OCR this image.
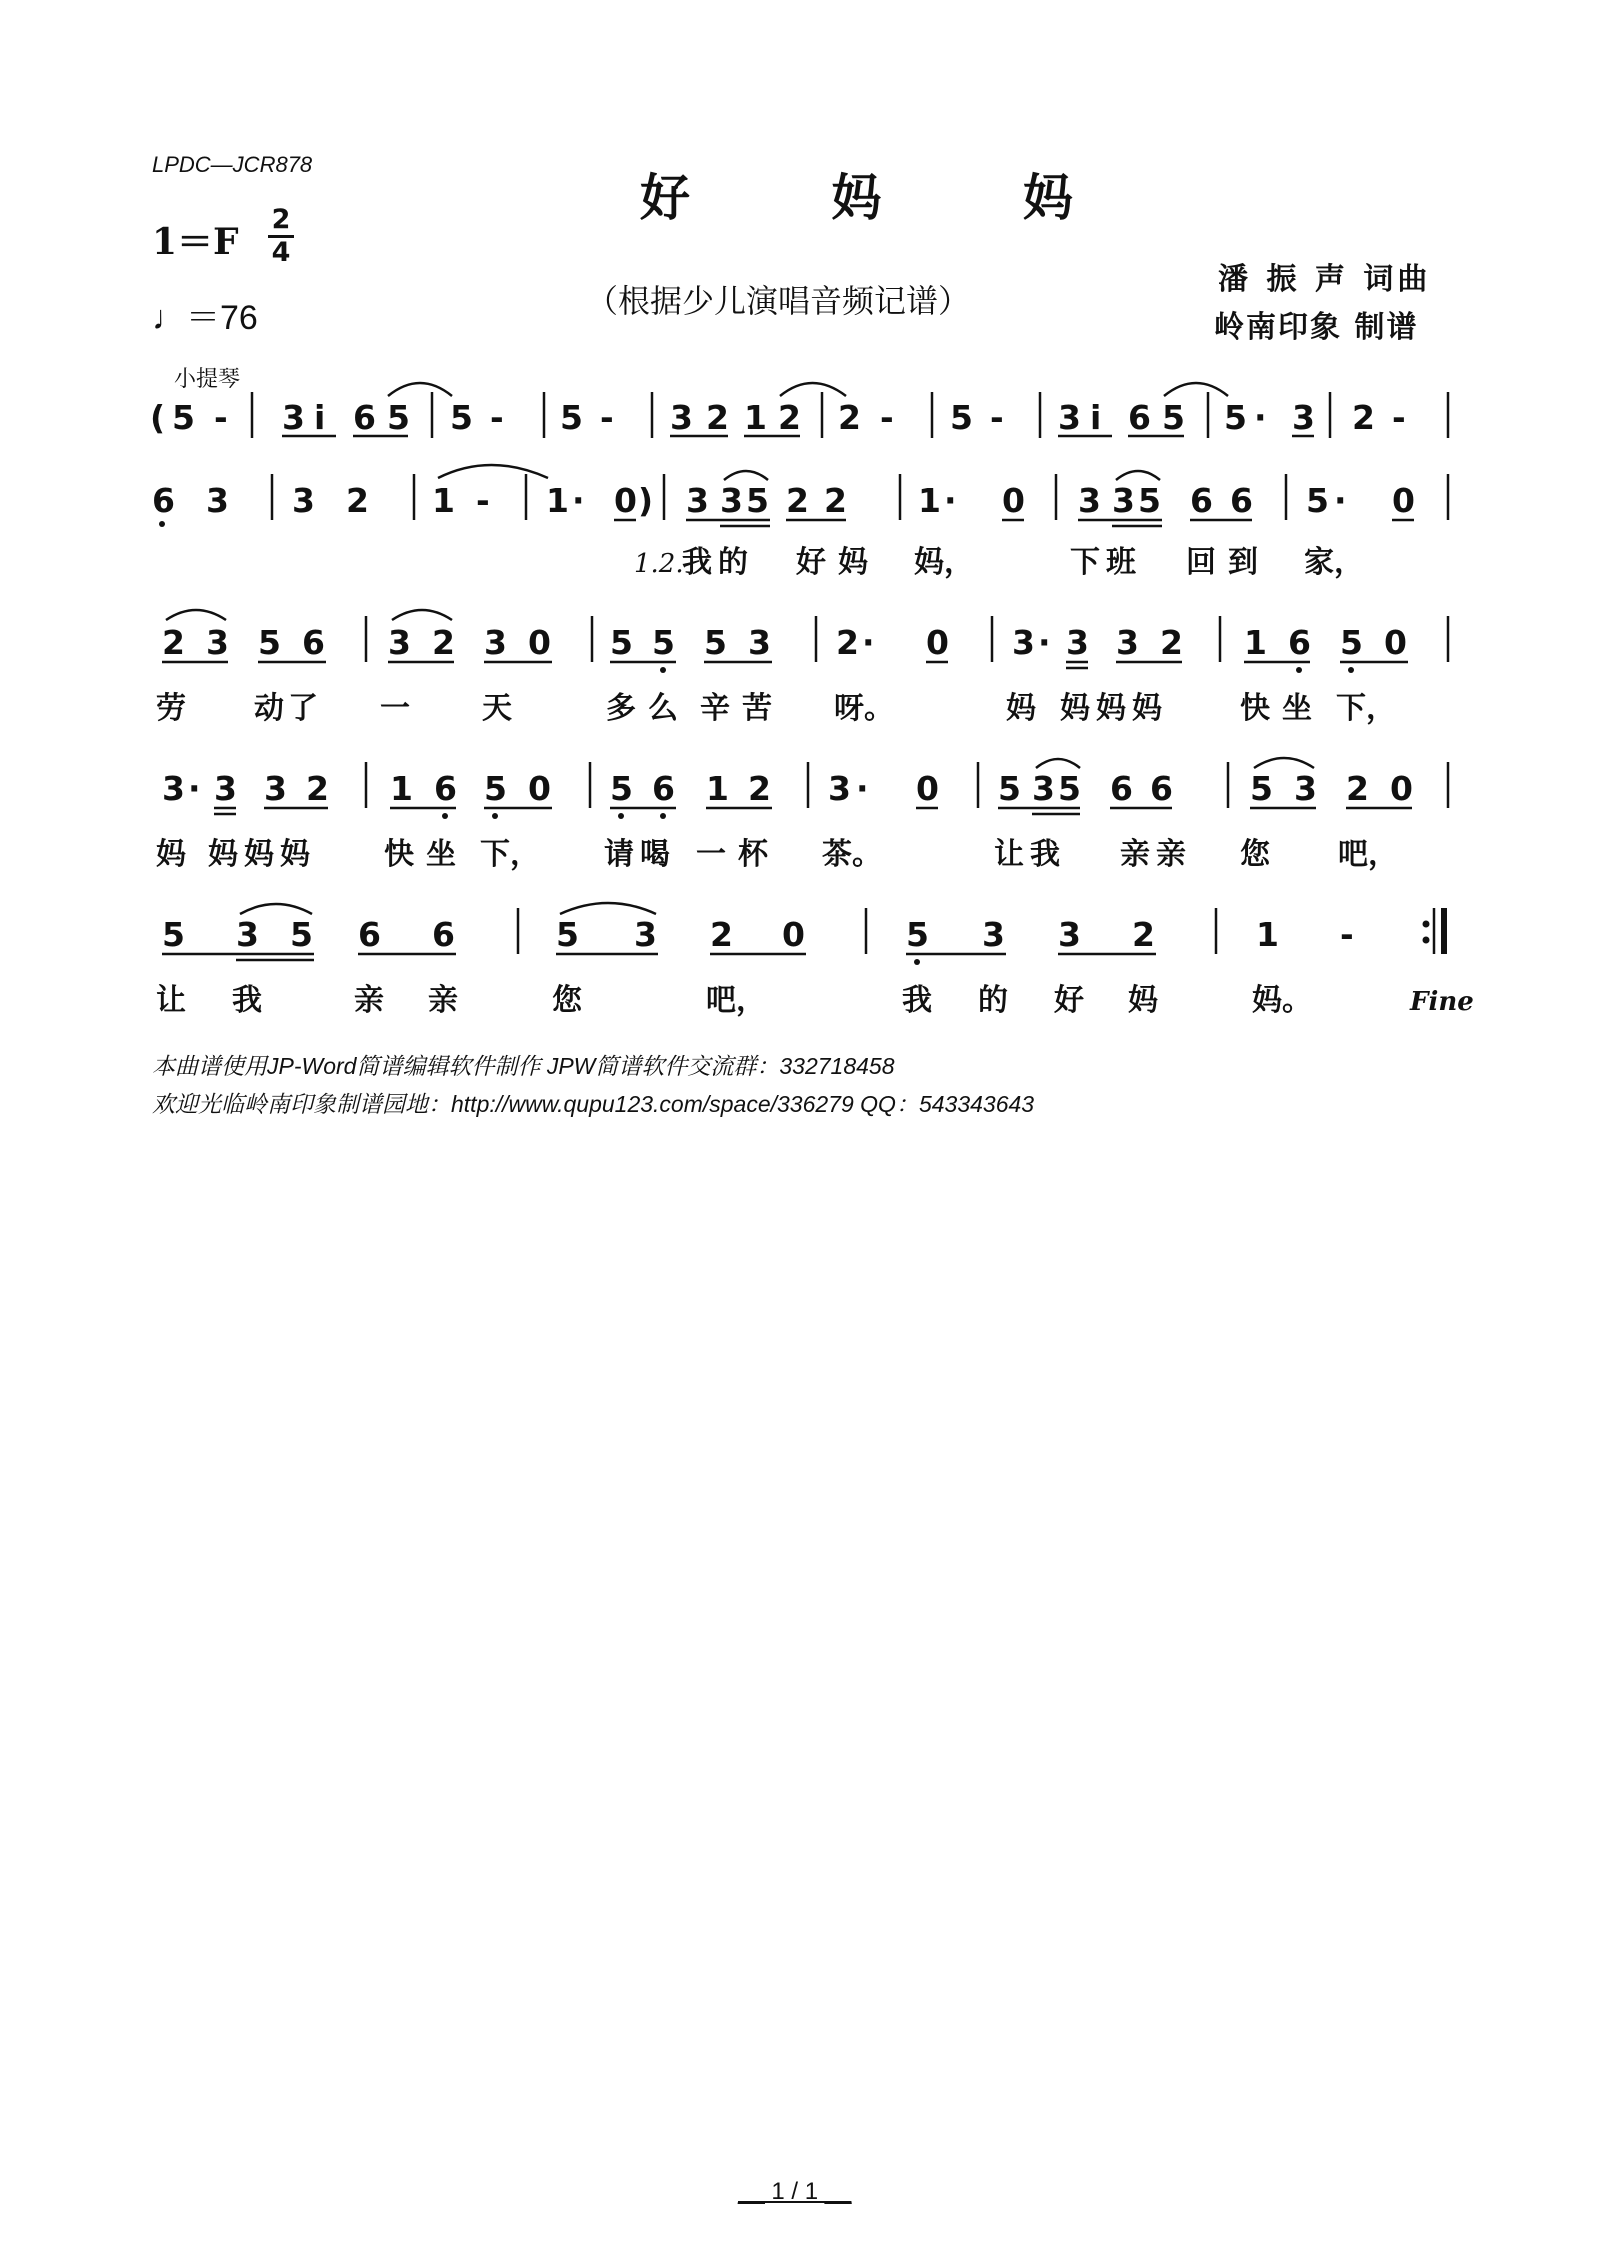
LPDC—JCR878
好 妈 妈
1＝F
2
4
♩＝76	（根据少儿演唱音频记谱）
潘 振 声 词曲
岭南印象 制谱
小提琴
( 5 - 3 i 6 5 5 - 5 - 3 2 1 2 2 - 5 - 3 i 6 5 5 · 3 2 -
6 3 3 2 1 - 1 · 0 ) 3 3 5 2 2 1 · 0 3 3 5 6 6 5 · 0
1.2.
我的 好妈 妈，	下班 回到 家，
2 3 5 6 3 2 3 0 5 5 5 3 2 · 0 3 · 3 3 2 1 6 5 0
劳 动了 一 天	多么 辛苦 呀。	妈 妈妈妈 快坐 下，
3 · 3 3 2 1 6 5 0 5 6 1 2 3 · 0 5 3 5 6 6 5 3 2 0
妈 妈妈妈 快坐 下， 请喝 一杯 茶。	让我 亲亲 您 吧，
5 3 5 6 6	5 3 2 0	5 3 3 2	1 -
让 我	亲 亲	您	吧，	我 的 好 妈	妈。	Fine
本曲谱使用JP-Word简谱编辑软件制作 JPW简谱软件交流群：332718458
欢迎光临岭南印象制谱园地：http://www.qupu123.com/space/336279 QQ：543343643
__ 1 / 1 __
